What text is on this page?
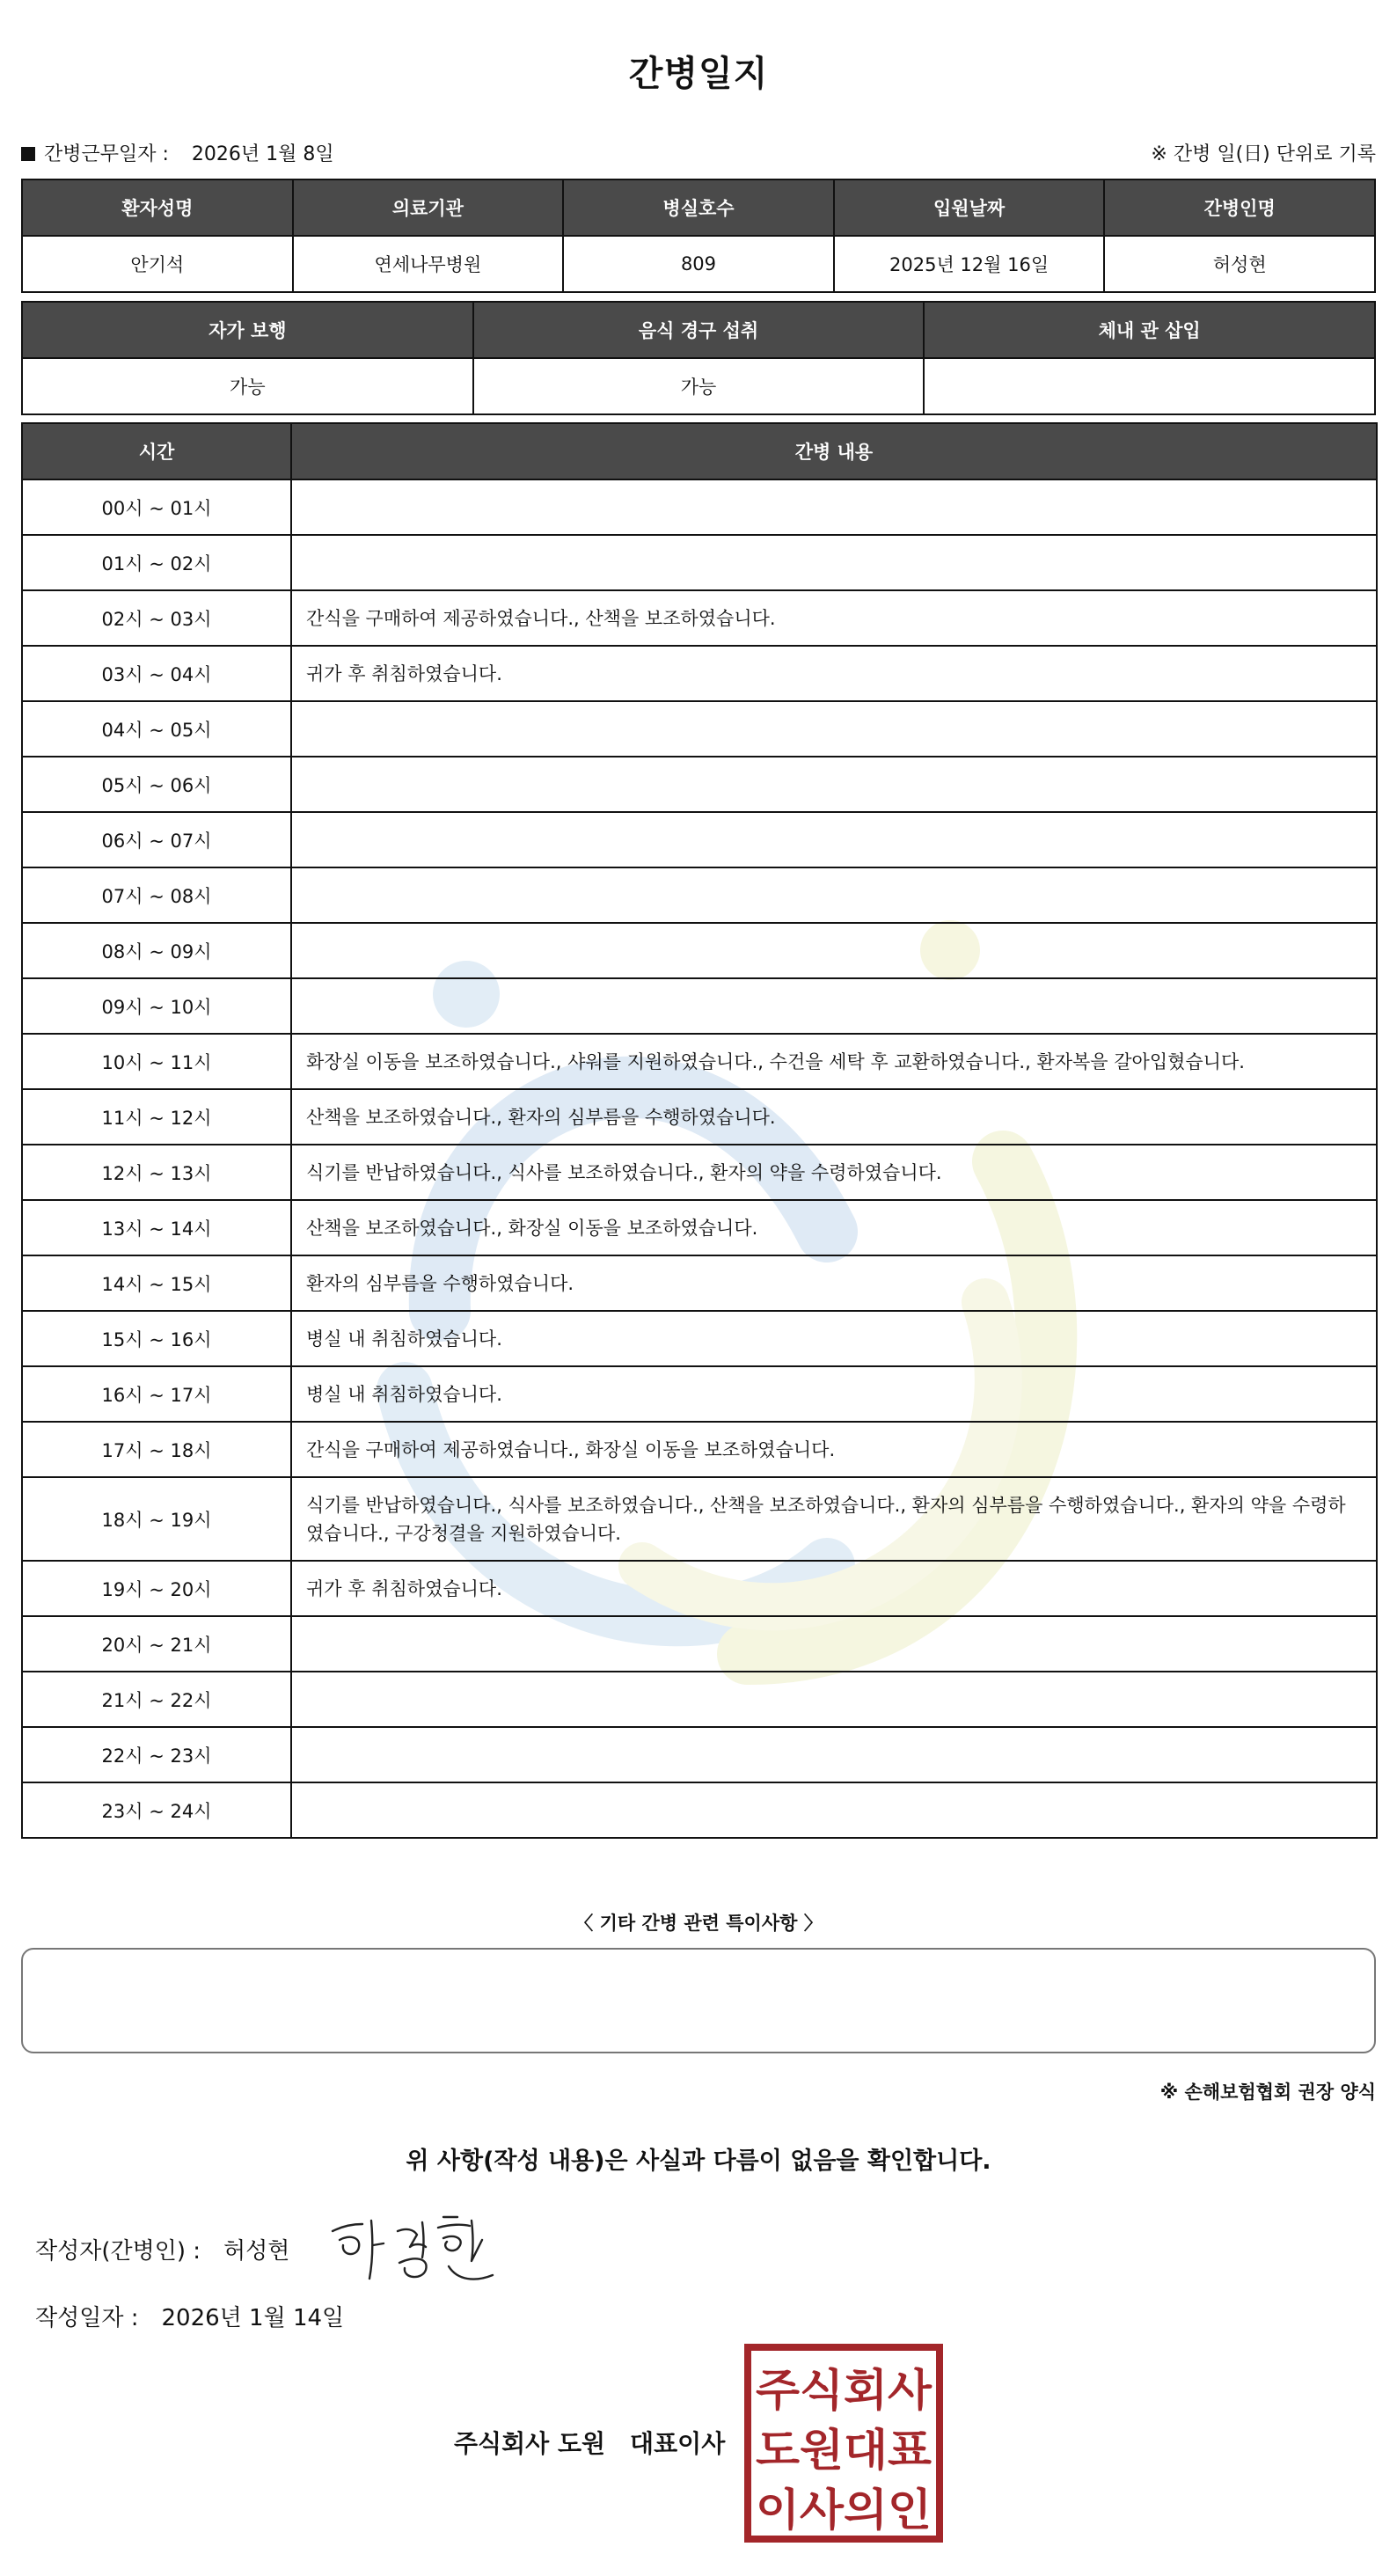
간병일지
간병근무일자 : 2026년 1월 8일	※ 간병 일(日) 단위로 기록
환자성명	의료기관	병실호수	입원날짜	간병인명
안기석	연세나무병원	809	2025년 12월 16일	허성현
자가 보행	음식 경구 섭취	체내 관 삽입
가능	가능	
시간	간병 내용
00시 ~ 01시	
01시 ~ 02시	
02시 ~ 03시	간식을 구매하여 제공하였습니다., 산책을 보조하였습니다.
03시 ~ 04시	귀가 후 취침하였습니다.
04시 ~ 05시	
05시 ~ 06시	
06시 ~ 07시	
07시 ~ 08시	
08시 ~ 09시	
09시 ~ 10시	
10시 ~ 11시	화장실 이동을 보조하였습니다., 샤워를 지원하였습니다., 수건을 세탁 후 교환하였습니다., 환자복을 갈아입혔습니다.
11시 ~ 12시	산책을 보조하였습니다., 환자의 심부름을 수행하였습니다.
12시 ~ 13시	식기를 반납하였습니다., 식사를 보조하였습니다., 환자의 약을 수령하였습니다.
13시 ~ 14시	산책을 보조하였습니다., 화장실 이동을 보조하였습니다.
14시 ~ 15시	환자의 심부름을 수행하였습니다.
15시 ~ 16시	병실 내 취침하였습니다.
16시 ~ 17시	병실 내 취침하였습니다.
17시 ~ 18시	간식을 구매하여 제공하였습니다., 화장실 이동을 보조하였습니다.
18시 ~ 19시	식기를 반납하였습니다., 식사를 보조하였습니다., 산책을 보조하였습니다., 환자의 심부름을 수행하였습니다., 환자의 약을 수령하였습니다., 구강청결을 지원하였습니다.
19시 ~ 20시	귀가 후 취침하였습니다.
20시 ~ 21시	
21시 ~ 22시	
22시 ~ 23시	
23시 ~ 24시	
〈 기타 간병 관련 특이사항 〉
※ 손해보험협회 권장 양식
위 사항(작성 내용)은 사실과 다름이 없음을 확인합니다.
작성자(간병인) : 허성현
작성일자 : 2026년 1월 14일
주식회사 도원 대표이사
주식회사
도원대표
이사의인
